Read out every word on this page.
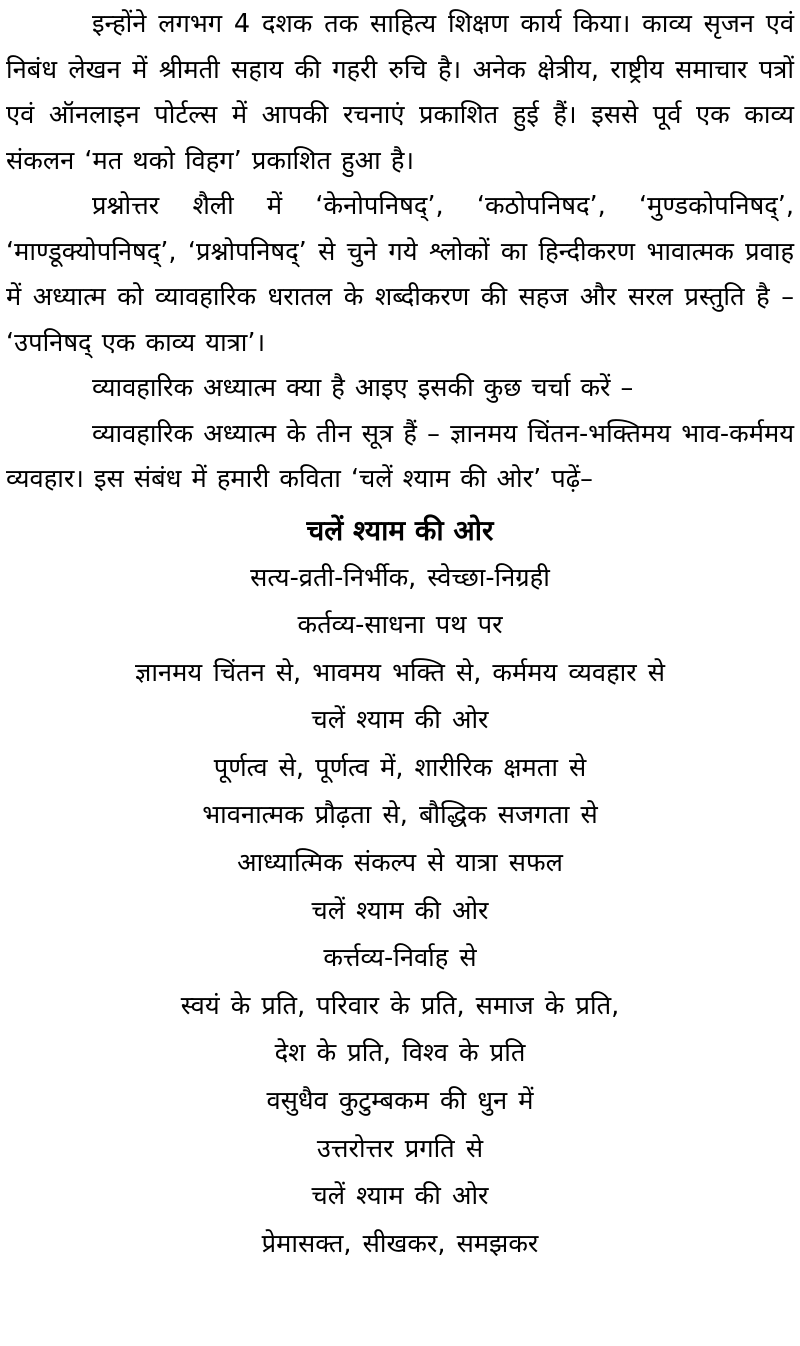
इन्होंने लगभग 4 दशक तक साहित्य शिक्षण कार्य किया। काव्य सृजन एवं निबंध लेखन में श्रीमती सहाय की गहरी रुचि है। अनेक क्षेत्रीय, राष्ट्रीय समाचार पत्रों एवं ऑनलाइन पोर्टल्स में आपकी रचनाएं प्रकाशित हुई हैं। इससे पूर्व एक काव्य संकलन ‘मत थको विहग’ प्रकाशित हुआ है।

प्रश्नोत्तर शैली में ‘केनोपनिषद्’, ‘कठोपनिषद’, ‘मुण्डकोपनिषद्’, ‘माण्डूक्योपनिषद्’, ‘प्रश्नोपनिषद्’ से चुने गये श्लोकों का हिन्दीकरण भावात्मक प्रवाह में अध्यात्म को व्यावहारिक धरातल के शब्दीकरण की सहज और सरल प्रस्तुति है – ‘उपनिषद् एक काव्य यात्रा’।

व्यावहारिक अध्यात्म क्या है आइए इसकी कुछ चर्चा करें –

व्यावहारिक अध्यात्म के तीन सूत्र हैं – ज्ञानमय चिंतन-भक्तिमय भाव-कर्ममय व्यवहार। इस संबंध में हमारी कविता ‘चलें श्याम की ओर’ पढ़ें–

चलें श्याम की ओर

सत्य-व्रती-निर्भीक, स्वेच्छा-निग्रही

कर्तव्य-साधना पथ पर

ज्ञानमय चिंतन से, भावमय भक्ति से, कर्ममय व्यवहार से

चलें श्याम की ओर

पूर्णत्व से, पूर्णत्व में, शारीरिक क्षमता से

भावनात्मक प्रौढ़ता से, बौद्धिक सजगता से

आध्यात्मिक संकल्प से यात्रा सफल

चलें श्याम की ओर

कर्त्तव्य-निर्वाह से

स्वयं के प्रति, परिवार के प्रति, समाज के प्रति,

देश के प्रति, विश्व के प्रति

वसुधैव कुटुम्बकम की धुन में

उत्तरोत्तर प्रगति से

चलें श्याम की ओर

प्रेमासक्त, सीखकर, समझकर
